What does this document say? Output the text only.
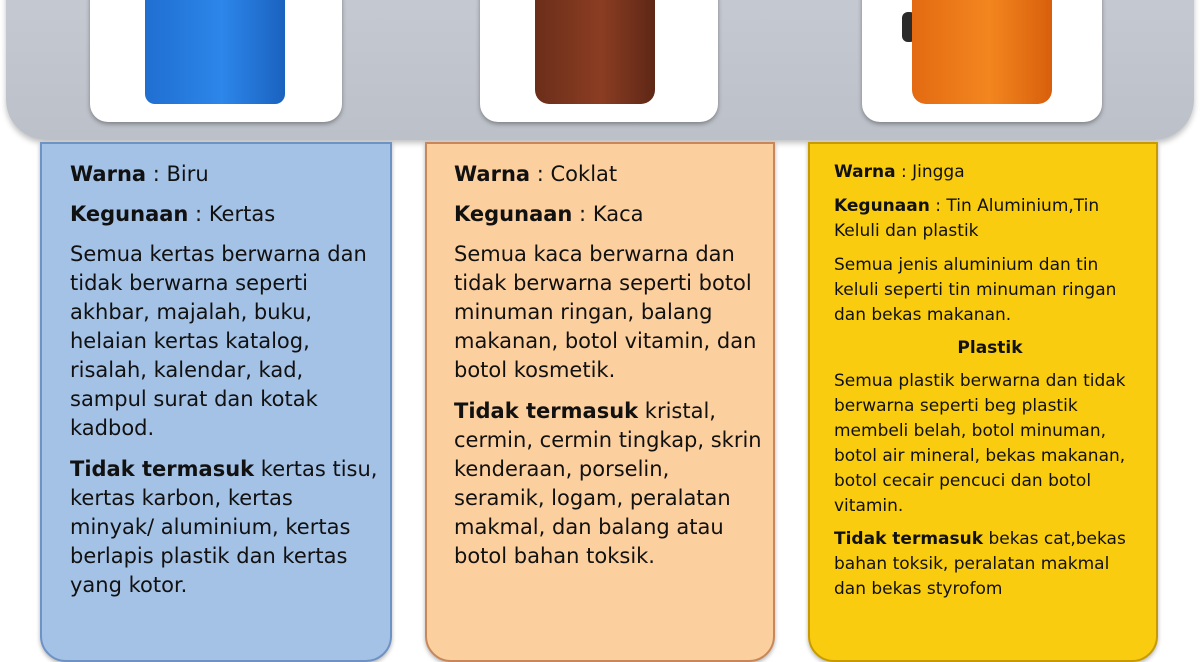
Warna : Biru

Kegunaan : Kertas

Semua kertas berwarna dan tidak berwarna seperti akhbar, majalah, buku, helaian kertas katalog, risalah, kalendar, kad, sampul surat dan kotak kadbod.

Tidak termasuk kertas tisu, kertas karbon, kertas minyak/ aluminium, kertas berlapis plastik dan kertas yang kotor.

Warna : Coklat

Kegunaan : Kaca

Semua kaca berwarna dan tidak berwarna seperti botol minuman ringan, balang makanan, botol vitamin, dan botol kosmetik.

Tidak termasuk kristal, cermin, cermin tingkap, skrin kenderaan, porselin, seramik, logam, peralatan makmal, dan balang atau botol bahan toksik.

Warna : Jingga

Kegunaan : Tin Aluminium,Tin Keluli dan plastik

Semua jenis aluminium dan tin keluli seperti tin minuman ringan dan bekas makanan.

Plastik

Semua plastik berwarna dan tidak berwarna seperti beg plastik membeli belah, botol minuman, botol air mineral, bekas makanan, botol cecair pencuci dan botol vitamin.

Tidak termasuk bekas cat,bekas bahan toksik, peralatan makmal dan bekas styrofom
